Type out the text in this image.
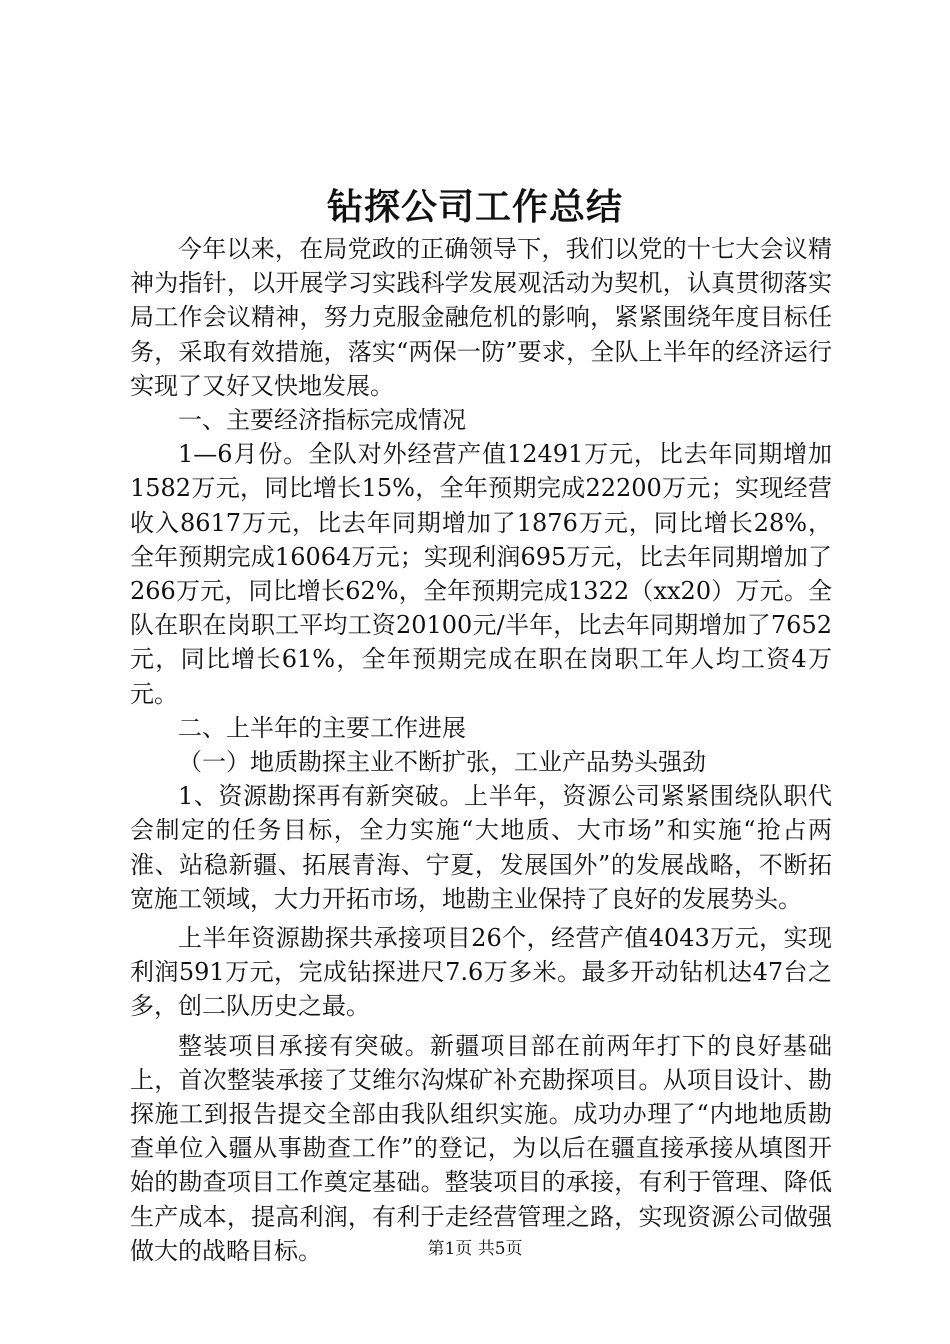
钻探公司工作总结

今年以来，在局党政的正确领导下，我们以党的十七大会议精神为指针，以开展学习实践科学发展观活动为契机，认真贯彻落实局工作会议精神，努力克服金融危机的影响，紧紧围绕年度目标任务，采取有效措施，落实“两保一防”要求，全队上半年的经济运行实现了又好又快地发展。

一、主要经济指标完成情况

1—6月份。全队对外经营产值12491万元，比去年同期增加1582万元，同比增长15%，全年预期完成22200万元；实现经营收入8617万元，比去年同期增加了1876万元，同比增长28%，全年预期完成16064万元；实现利润695万元，比去年同期增加了266万元，同比增长62%，全年预期完成1322（xx20）万元。全队在职在岗职工平均工资20100元/半年，比去年同期增加了7652元，同比增长61%，全年预期完成在职在岗职工年人均工资4万元。

二、上半年的主要工作进展

（一）地质勘探主业不断扩张，工业产品势头强劲

1、资源勘探再有新突破。上半年，资源公司紧紧围绕队职代会制定的任务目标，全力实施“大地质、大市场”和实施“抢占两淮、站稳新疆、拓展青海、宁夏，发展国外”的发展战略，不断拓宽施工领域，大力开拓市场，地勘主业保持了良好的发展势头。

上半年资源勘探共承接项目26个，经营产值4043万元，实现利润591万元，完成钻探进尺7.6万多米。最多开动钻机达47台之多，创二队历史之最。

整装项目承接有突破。新疆项目部在前两年打下的良好基础上，首次整装承接了艾维尔沟煤矿补充勘探项目。从项目设计、勘探施工到报告提交全部由我队组织实施。成功办理了“内地地质勘查单位入疆从事勘查工作”的登记，为以后在疆直接承接从填图开始的勘查项目工作奠定基础。整装项目的承接，有利于管理、降低生产成本，提高利润，有利于走经营管理之路，实现资源公司做强做大的战略目标。	第1页 共5页
